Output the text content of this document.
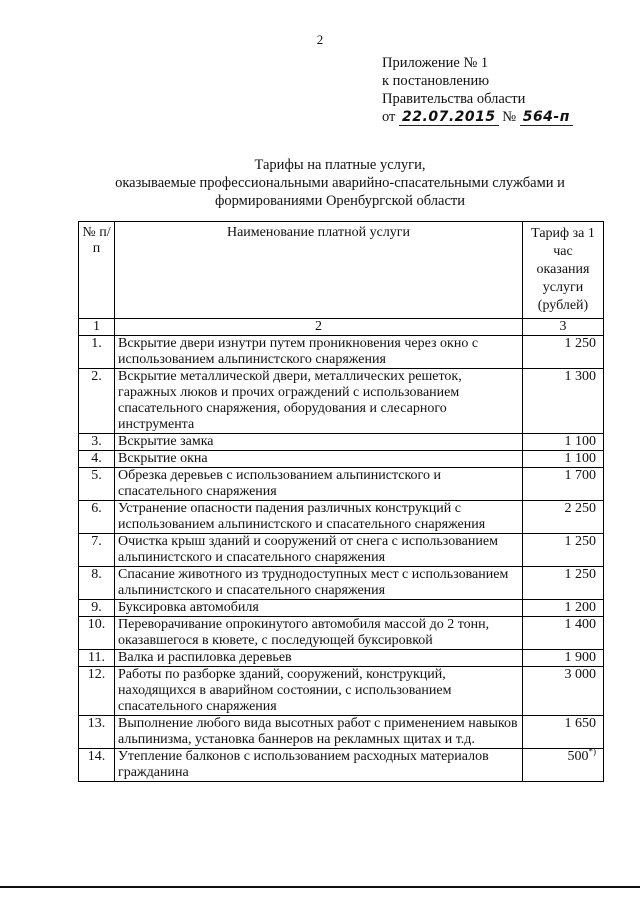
2
Приложение № 1
к постановлению
Правительства области
от 22.07.2015 № 564-п
Тарифы на платные услуги,
оказываемые профессиональными аварийно-спасательными службами и
формированиями Оренбургской области
№ п/п	Наименование платной услуги	Тариф за 1 час оказания услуги (рублей)
1	2	3
1.	Вскрытие двери изнутри путем проникновения через окно с использованием альпинистского снаряжения	1 250
2.	Вскрытие металлической двери, металлических решеток, гаражных люков и прочих ограждений с использованием спасательного снаряжения, оборудования и слесарного инструмента	1 300
3.	Вскрытие замка	1 100
4.	Вскрытие окна	1 100
5.	Обрезка деревьев с использованием альпинистского и спасательного снаряжения	1 700
6.	Устранение опасности падения различных конструкций с использованием альпинистского и спасательного снаряжения	2 250
7.	Очистка крыш зданий и сооружений от снега с использованием альпинистского и спасательного снаряжения	1 250
8.	Спасание животного из труднодоступных мест с использованием альпинистского и спасательного снаряжения	1 250
9.	Буксировка автомобиля	1 200
10.	Переворачивание опрокинутого автомобиля массой до 2 тонн, оказавшегося в кювете, с последующей буксировкой	1 400
11.	Валка и распиловка деревьев	1 900
12.	Работы по разборке зданий, сооружений, конструкций, находящихся в аварийном состоянии, с использованием спасательного снаряжения	3 000
13.	Выполнение любого вида высотных работ с применением навыков альпинизма, установка баннеров на рекламных щитах и т.д.	1 650
14.	Утепление балконов с использованием расходных материалов гражданина	500*)
